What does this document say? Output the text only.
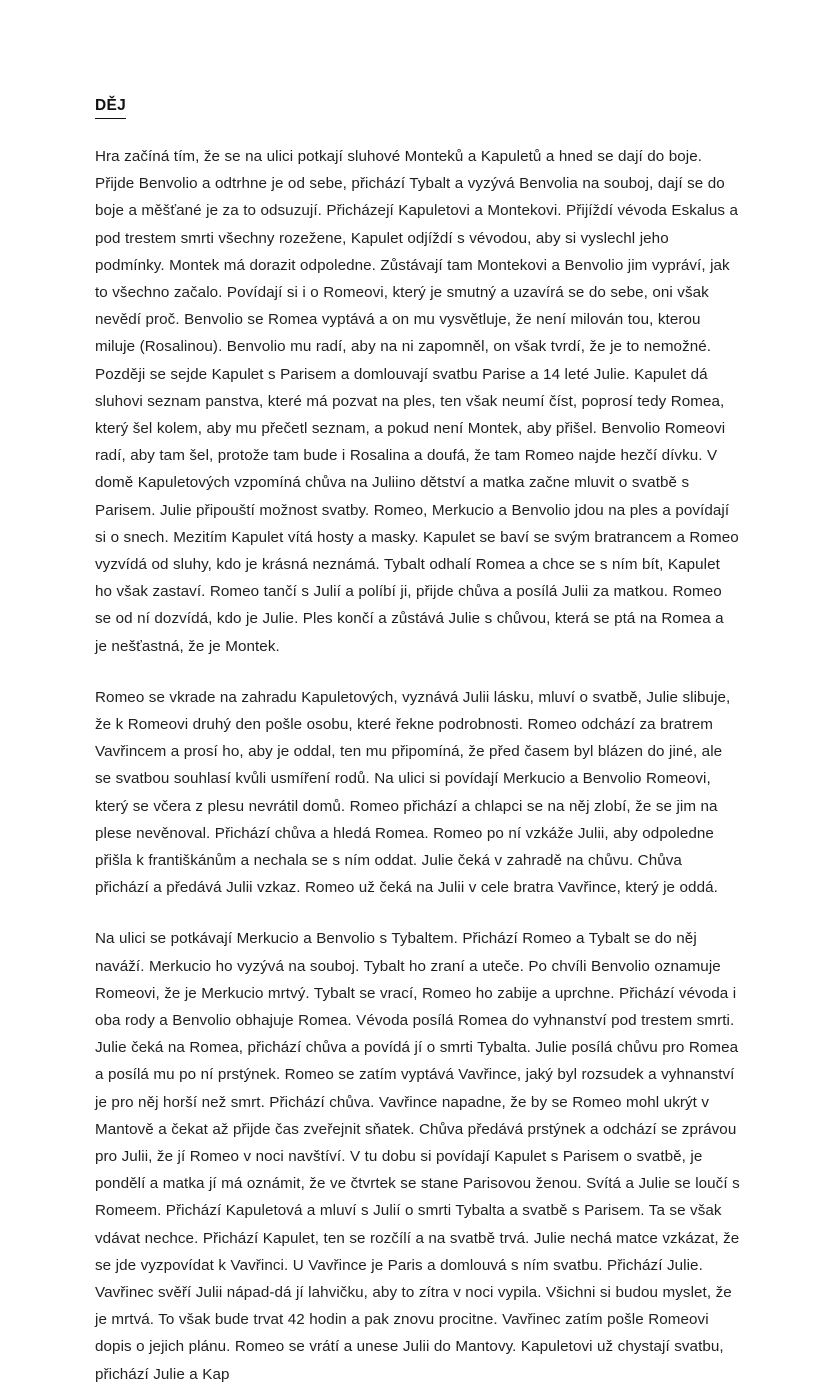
DĚJ

Hra začíná tím, že se na ulici potkají sluhové Monteků a Kapuletů a hned se dají do boje. Přijde Benvolio a odtrhne je od sebe, přichází Tybalt a vyzývá Benvolia na souboj, dají se do boje a měšťané je za to odsuzují. Přicházejí Kapuletovi a Montekovi. Přijíždí vévoda Eskalus a pod trestem smrti všechny rozežene, Kapulet odjíždí s vévodou, aby si vyslechl jeho podmínky. Montek má dorazit odpoledne. Zůstávají tam Montekovi a Benvolio jim vypráví, jak to všechno začalo. Povídají si i o Romeovi, který je smutný a uzavírá se do sebe, oni však nevědí proč. Benvolio se Romea vyptává a on mu vysvětluje, že není milován tou, kterou miluje (Rosalinou). Benvolio mu radí, aby na ni zapomněl, on však tvrdí, že je to nemožné. Později se sejde Kapulet s Parisem a domlouvají svatbu Parise a 14 leté Julie. Kapulet dá sluhovi seznam panstva, které má pozvat na ples, ten však neumí číst, poprosí tedy Romea, který šel kolem, aby mu přečetl seznam, a pokud není Montek, aby přišel. Benvolio Romeovi radí, aby tam šel, protože tam bude i Rosalina a doufá, že tam Romeo najde hezčí dívku. V domě Kapuletových vzpomíná chůva na Juliino dětství a matka začne mluvit o svatbě s Parisem. Julie připouští možnost svatby. Romeo, Merkucio a Benvolio jdou na ples a povídají si o snech. Mezitím Kapulet vítá hosty a masky. Kapulet se baví se svým bratrancem a Romeo vyzvídá od sluhy, kdo je krásná neznámá. Tybalt odhalí Romea a chce se s ním bít, Kapulet ho však zastaví. Romeo tančí s Julií a políbí ji, přijde chůva a posílá Julii za matkou. Romeo se od ní dozvídá, kdo je Julie. Ples končí a zůstává Julie s chůvou, která se ptá na Romea a je nešťastná, že je Montek.

Romeo se vkrade na zahradu Kapuletových, vyznává Julii lásku, mluví o svatbě, Julie slibuje, že k Romeovi druhý den pošle osobu, které řekne podrobnosti. Romeo odchází za bratrem Vavřincem a prosí ho, aby je oddal, ten mu připomíná, že před časem byl blázen do jiné, ale se svatbou souhlasí kvůli usmíření rodů. Na ulici si povídají Merkucio a Benvolio Romeovi, který se včera z plesu nevrátil domů. Romeo přichází a chlapci se na něj zlobí, že se jim na plese nevěnoval. Přichází chůva a hledá Romea. Romeo po ní vzkáže Julii, aby odpoledne přišla k františkánům a nechala se s ním oddat. Julie čeká v zahradě na chůvu. Chůva přichází a předává Julii vzkaz. Romeo už čeká na Julii v cele bratra Vavřince, který je oddá.

Na ulici se potkávají Merkucio a Benvolio s Tybaltem. Přichází Romeo a Tybalt se do něj naváží. Merkucio ho vyzývá na souboj. Tybalt ho zraní a uteče. Po chvíli Benvolio oznamuje Romeovi, že je Merkucio mrtvý. Tybalt se vrací, Romeo ho zabije a uprchne. Přichází vévoda i oba rody a Benvolio obhajuje Romea. Vévoda posílá Romea do vyhnanství pod trestem smrti. Julie čeká na Romea, přichází chůva a povídá jí o smrti Tybalta. Julie posílá chůvu pro Romea a posílá mu po ní prstýnek. Romeo se zatím vyptává Vavřince, jaký byl rozsudek a vyhnanství je pro něj horší než smrt. Přichází chůva. Vavřince napadne, že by se Romeo mohl ukrýt v Mantově a čekat až přijde čas zveřejnit sňatek. Chůva předává prstýnek a odchází se zprávou pro Julii, že jí Romeo v noci navštíví. V tu dobu si povídají Kapulet s Parisem o svatbě, je pondělí a matka jí má oznámit, že ve čtvrtek se stane Parisovou ženou. Svítá a Julie se loučí s Romeem. Přichází Kapuletová a mluví s Julií o smrti Tybalta a svatbě s Parisem. Ta se však vdávat nechce. Přichází Kapulet, ten se rozčílí a na svatbě trvá. Julie nechá matce vzkázat, že se jde vyzpovídat k Vavřinci. U Vavřince je Paris a domlouvá s ním svatbu. Přichází Julie. Vavřinec svěří Julii nápad-dá jí lahvičku, aby to zítra v noci vypila. Všichni si budou myslet, že je mrtvá. To však bude trvat 42 hodin a pak znovu procitne. Vavřinec zatím pošle Romeovi dopis o jejich plánu. Romeo se vrátí a unese Julii do Mantovy. Kapuletovi už chystají svatbu, přichází Julie a Kap
